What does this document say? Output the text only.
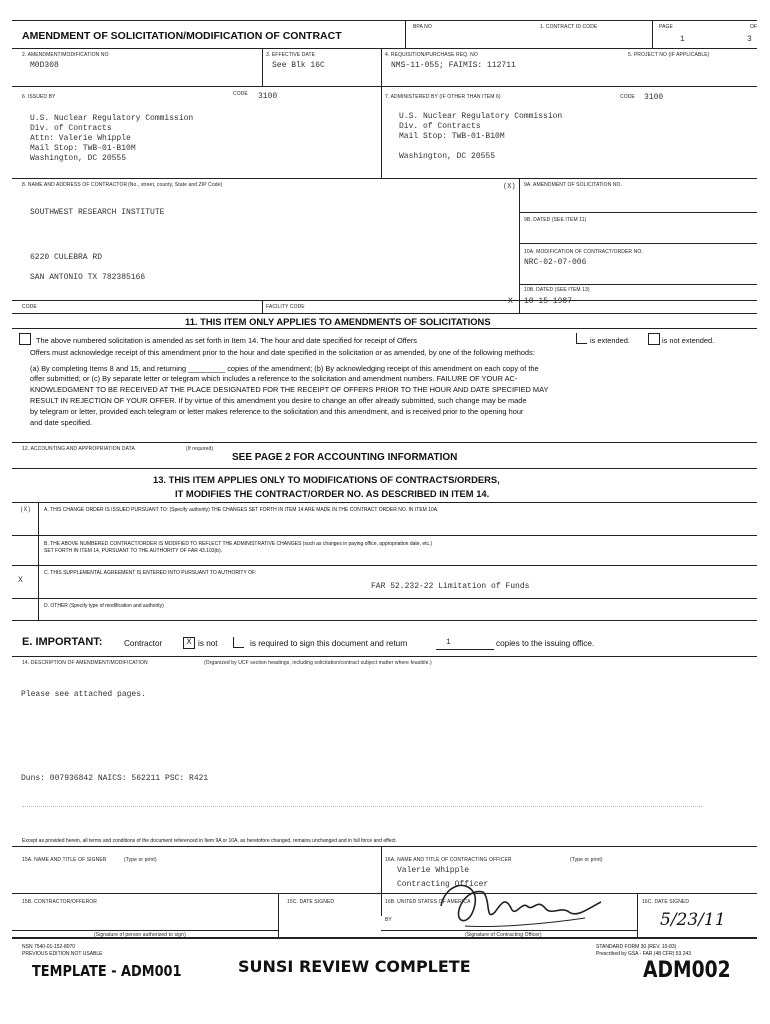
AMENDMENT OF SOLICITATION/MODIFICATION OF CONTRACT
BPA NO	1. CONTRACT ID CODE	PAGE	OF
1	3
2. AMENDMENT/MODIFICATION NO
M0D308
3. EFFECTIVE DATE
See Blk 16C
4. REQUISITION/PURCHASE REQ. NO
NMS-11-055; FAIMIS: 112711
5. PROJECT NO (IF APPLICABLE)
6. ISSUED BY	CODE 3100
U.S. Nuclear Regulatory Commission
Div. of Contracts
Attn: Valerie Whipple
Mail Stop: TWB-01-B10M
Washington, DC 20555
7. ADMINISTERED BY (IF OTHER THAN ITEM 6)	CODE 3100
U.S. Nuclear Regulatory Commission
Div. of Contracts
Mail Stop: TWB-01-B10M
Washington, DC 20555
8. NAME AND ADDRESS OF CONTRACTOR (No., street, county, State and ZIP Code)
SOUTHWEST RESEARCH INSTITUTE
6220 CULEBRA RD
SAN ANTONIO TX 782385166
CODE	FACILITY CODE
(X) 9A. AMENDMENT OF SOLICITATION NO.
9B. DATED (SEE ITEM 11)
10A. MODIFICATION OF CONTRACT/ORDER NO.
NRC-02-07-006
10B. DATED (SEE ITEM 13)
X 10-15-1987
11. THIS ITEM ONLY APPLIES TO AMENDMENTS OF SOLICITATIONS
The above numbered solicitation is amended as set forth in Item 14. The hour and date specified for receipt of Offers	is extended.	is not extended.
Offers must acknowledge receipt of this amendment prior to the hour and date specified in the solicitation or as amended, by one of the following methods:
(a) By completing Items 8 and 15, and returning _________ copies of the amendment; (b) By acknowledging receipt of this amendment on each copy of the
offer submitted; or (c) By separate letter or telegram which includes a reference to the solicitation and amendment numbers. FAILURE OF YOUR AC-
KNOWLEDGMENT TO BE RECEIVED AT THE PLACE DESIGNATED FOR THE RECEIPT OF OFFERS PRIOR TO THE HOUR AND DATE SPECIFIED MAY
RESULT IN REJECTION OF YOUR OFFER. If by virtue of this amendment you desire to change an offer already submitted, such change may be made
by telegram or letter, provided each telegram or letter makes reference to the solicitation and this amendment, and is received prior to the opening hour
and date specified.
12. ACCOUNTING AND APPROPRIATION DATA	(If required)
SEE PAGE 2 FOR ACCOUNTING INFORMATION
13. THIS ITEM APPLIES ONLY TO MODIFICATIONS OF CONTRACTS/ORDERS,
IT MODIFIES THE CONTRACT/ORDER NO. AS DESCRIBED IN ITEM 14.
(X)	A. THIS CHANGE ORDER IS ISSUED PURSUANT TO: (Specify authority) THE CHANGES SET FORTH IN ITEM 14 ARE MADE IN THE CONTRACT ORDER NO. IN ITEM 10A.
B. THE ABOVE NUMBERED CONTRACT/ORDER IS MODIFIED TO REFLECT THE ADMINISTRATIVE CHANGES (such as changes in paying office, appropriation date, etc.)
SET FORTH IN ITEM 14, PURSUANT TO THE AUTHORITY OF FAR 43.103(b).
X
C. THIS SUPPLEMENTAL AGREEMENT IS ENTERED INTO PURSUANT TO AUTHORITY OF:
FAR 52.232-22 Limitation of Funds
D. OTHER (Specify type of modification and authority)
E. IMPORTANT:	Contractor	X is not	is required to sign this document and return	1	copies to the issuing office.
14. DESCRIPTION OF AMENDMENT/MODIFICATION	(Organized by UCF section headings, including solicitation/contract subject matter where feasible.)
Please see attached pages.
Duns: 007936842 NAICS: 562211 PSC: R421
Except as provided herein, all terms and conditions of the document referenced in Item 9A or 10A, as heretofore changed, remains unchanged and in full force and effect.
15A. NAME AND TITLE OF SIGNER	(Type or print)	16A. NAME AND TITLE OF CONTRACTING OFFICER	(Type or print)
Valerie Whipple
Contracting Officer
15B. CONTRACTOR/OFFEROR
(Signature of person authorized to sign)
15C. DATE SIGNED	16B. UNITED STATES OF AMERICA
BY
(Signature of Contracting Officer)
16C. DATE SIGNED
5/23/11
NSN 7540-01-152-8070
PREVIOUS EDITION NOT USABLE
STANDARD FORM 30 (REV. 10-83)
Prescribed by GSA - FAR (48 CFR) 53.243
TEMPLATE - ADM001	SUNSI REVIEW COMPLETE	ADM002
